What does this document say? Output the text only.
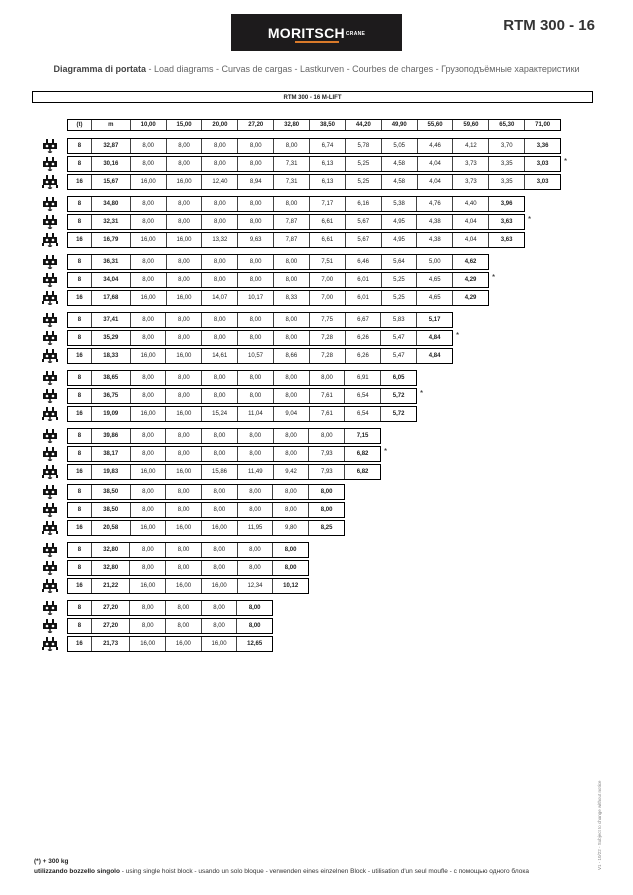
MORITSCHCRANE	RTM 300 - 16
Diagramma di portata - Load diagrams - Curvas de cargas - Lastkurven - Courbes de charges - Грузоподъёмные характеристики
RTM 300 - 16 M-LIFT
(t)	m	10,00	15,00	20,00	27,20	32,80	38,50	44,20	49,90	55,60	59,60	65,30	71,00
(*) + 300 kg
utilizzando bozzello singolo - using single hoist block - usando un solo bloque - verwenden eines einzelnen Block - utilisation d'un seul moufle - с помощью одного блока
V1 - 10/22 - Subject to change without notice
8	32,87	8,00	8,00	8,00	8,00	8,00	6,74	5,78	5,05	4,46	4,12	3,70	3,36
8	30,16	8,00	8,00	8,00	8,00	7,31	6,13	5,25	4,58	4,04	3,73	3,35	3,03	*
16	15,67	16,00	16,00	12,40	8,94	7,31	6,13	5,25	4,58	4,04	3,73	3,35	3,03
8	34,80	8,00	8,00	8,00	8,00	8,00	7,17	6,16	5,38	4,76	4,40	3,96
8	32,31	8,00	8,00	8,00	8,00	7,87	6,61	5,67	4,95	4,38	4,04	3,63	*
16	16,79	16,00	16,00	13,32	9,63	7,87	6,61	5,67	4,95	4,38	4,04	3,63
8	36,31	8,00	8,00	8,00	8,00	8,00	7,51	6,46	5,64	5,00	4,62
8	34,04	8,00	8,00	8,00	8,00	8,00	7,00	6,01	5,25	4,65	4,29	*
16	17,68	16,00	16,00	14,07	10,17	8,33	7,00	6,01	5,25	4,65	4,29
8	37,41	8,00	8,00	8,00	8,00	8,00	7,75	6,67	5,83	5,17
8	35,29	8,00	8,00	8,00	8,00	8,00	7,28	6,26	5,47	4,84	*
16	18,33	16,00	16,00	14,61	10,57	8,66	7,28	6,26	5,47	4,84
8	38,65	8,00	8,00	8,00	8,00	8,00	8,00	6,91	6,05
8	36,75	8,00	8,00	8,00	8,00	8,00	7,61	6,54	5,72	*
16	19,09	16,00	16,00	15,24	11,04	9,04	7,61	6,54	5,72
8	39,86	8,00	8,00	8,00	8,00	8,00	8,00	7,15
8	38,17	8,00	8,00	8,00	8,00	8,00	7,93	6,82	*
16	19,83	16,00	16,00	15,86	11,49	9,42	7,93	6,82
8	38,50	8,00	8,00	8,00	8,00	8,00	8,00
8	38,50	8,00	8,00	8,00	8,00	8,00	8,00
16	20,58	16,00	16,00	16,00	11,95	9,80	8,25
8	32,80	8,00	8,00	8,00	8,00	8,00
8	32,80	8,00	8,00	8,00	8,00	8,00
16	21,22	16,00	16,00	16,00	12,34	10,12
8	27,20	8,00	8,00	8,00	8,00
8	27,20	8,00	8,00	8,00	8,00
16	21,73	16,00	16,00	16,00	12,65
